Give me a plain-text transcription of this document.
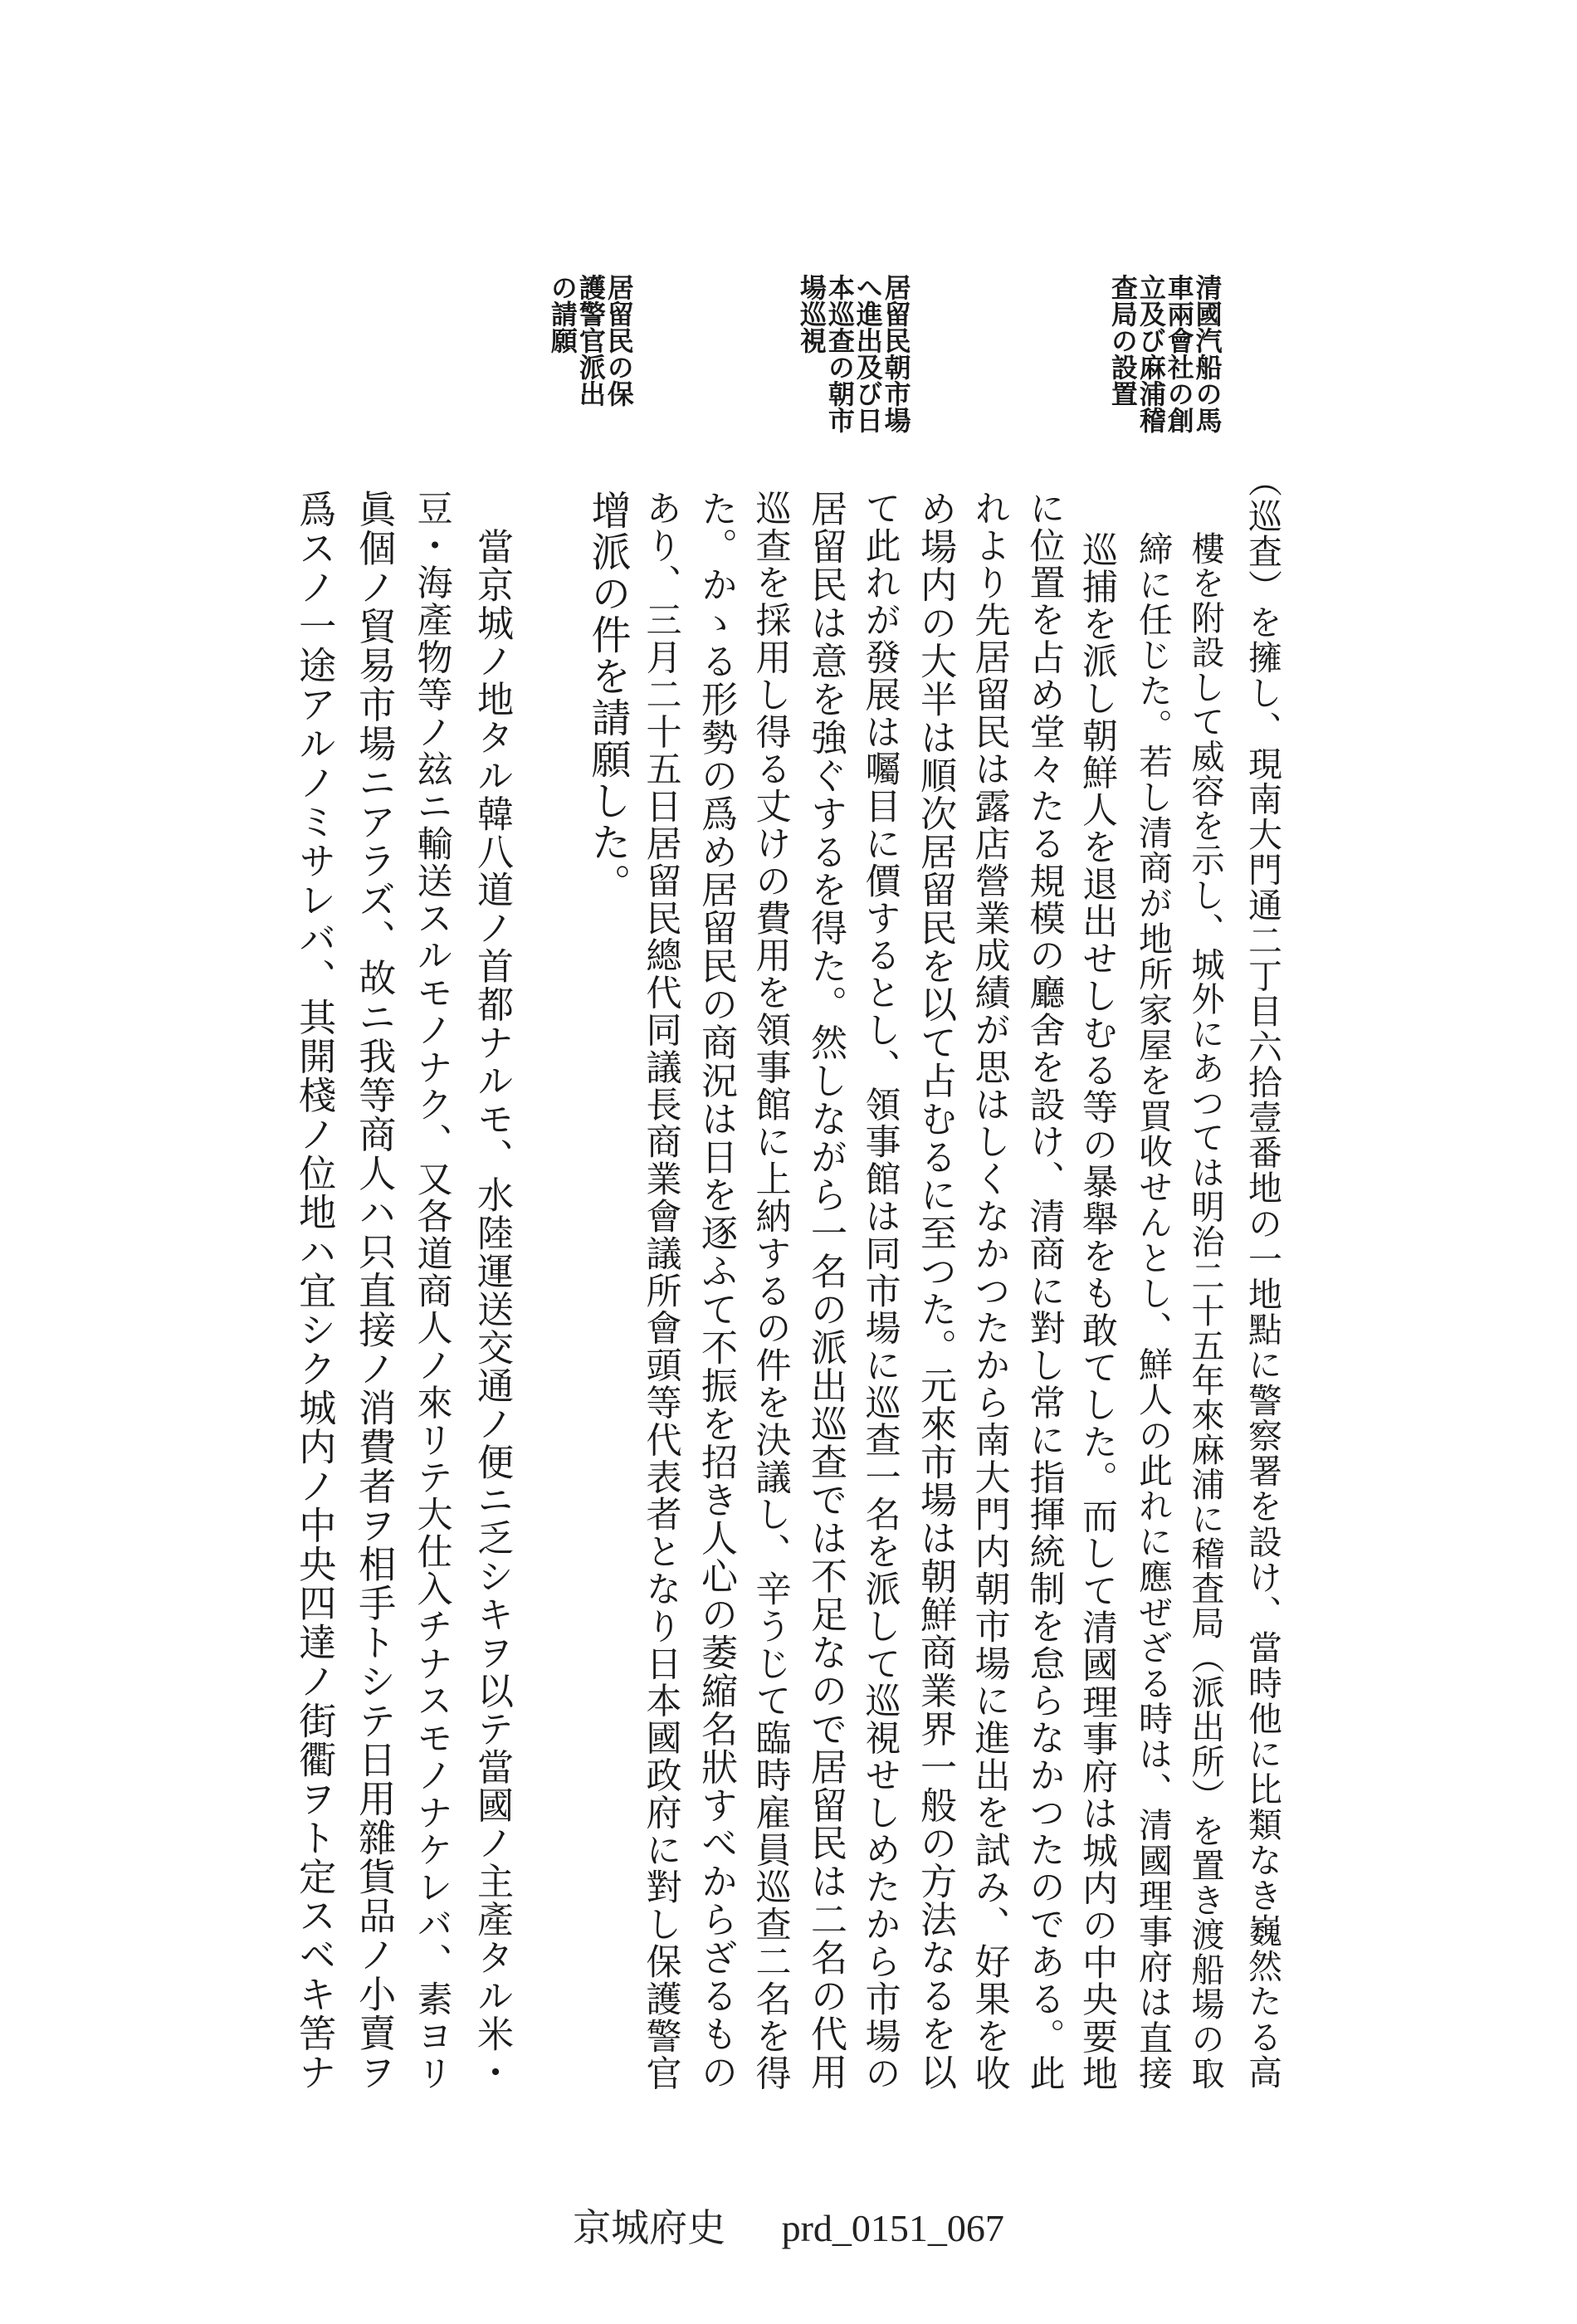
（巡査）を擁し、現南大門通二丁目六拾壹番地の一地點に警察署を設け、當時他に比類なき巍然たる高
樓を附設して威容を示し、城外にあつては明治二十五年來麻浦に稽査局（派出所）を置き渡船場の取
締に任じた。若し清商が地所家屋を買收せんとし、鮮人の此れに應ぜざる時は、清國理事府は直接
巡捕を派し朝鮮人を退出せしむる等の暴舉をも敢てした。而して清國理事府は城内の中央要地
に位置を占め堂々たる規模の廳舍を設け、清商に對し常に指揮統制を怠らなかつたのである。此
れより先居留民は露店營業成績が思はしくなかつたから南大門内朝市場に進出を試み、好果を收
め場内の大半は順次居留民を以て占むるに至つた。元來市場は朝鮮商業界一般の方法なるを以
て此れが發展は囑目に價するとし、領事館は同市場に巡查一名を派して巡視せしめたから市場の
居留民は意を強ぐするを得た。然しながら一名の派出巡查では不足なので居留民は二名の代用
巡查を採用し得る丈けの費用を領事館に上納するの件を決議し、辛うじて臨時雇員巡查二名を得
た。かゝる形勢の爲め居留民の商況は日を逐ふて不振を招き人心の萎縮名狀すべからざるもの
あり、三月二十五日居留民總代同議長商業會議所會頭等代表者となり日本國政府に對し保護警官
增派の件を請願した。
　當京城ノ地タル韓八道ノ首都ナルモ、水陸運送交通ノ便ニ乏シキヲ以テ當國ノ主產タル米・
豆・海產物等ノ玆ニ輸送スルモノナク、又各道商人ノ來リテ大仕入チナスモノナケレバ、素ヨリ
眞個ノ貿易市場ニアラズ、故ニ我等商人ハ只直接ノ消費者ヲ相手トシテ日用雜貨品ノ小賣ヲ
爲スノ一途アルノミサレバ、其開棧ノ位地ハ宜シク城内ノ中央四達ノ街衢ヲト定スベキ筈ナ
清國汽船の馬車兩會社の創立及び麻浦稽查局の設置
居留民朝市場へ進出及び日本巡查の朝市場巡視
居留民の保護警官派出の請願
京城府史 prd_0151_067
